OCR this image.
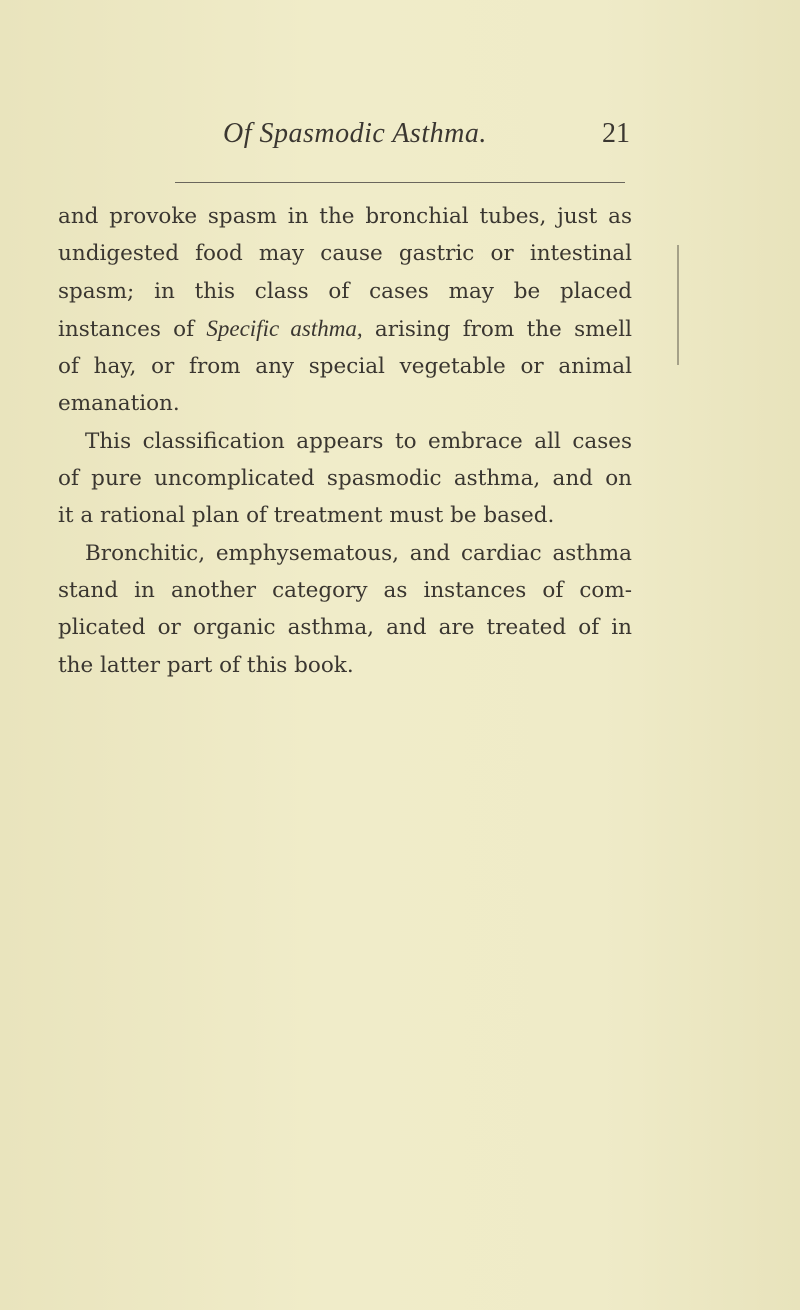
Of Spasmodic Asthma.	21

and provoke spasm in the bronchial tubes, just as
undigested food may cause gastric or intestinal
spasm; in this class of cases may be placed
instances of Specific asthma, arising from the smell
of hay, or from any special vegetable or animal
emanation.

This classification appears to embrace all cases
of pure uncomplicated spasmodic asthma, and on
it a rational plan of treatment must be based.

Bronchitic, emphysematous, and cardiac asthma
stand in another category as instances of com-
plicated or organic asthma, and are treated of in
the latter part of this book.
